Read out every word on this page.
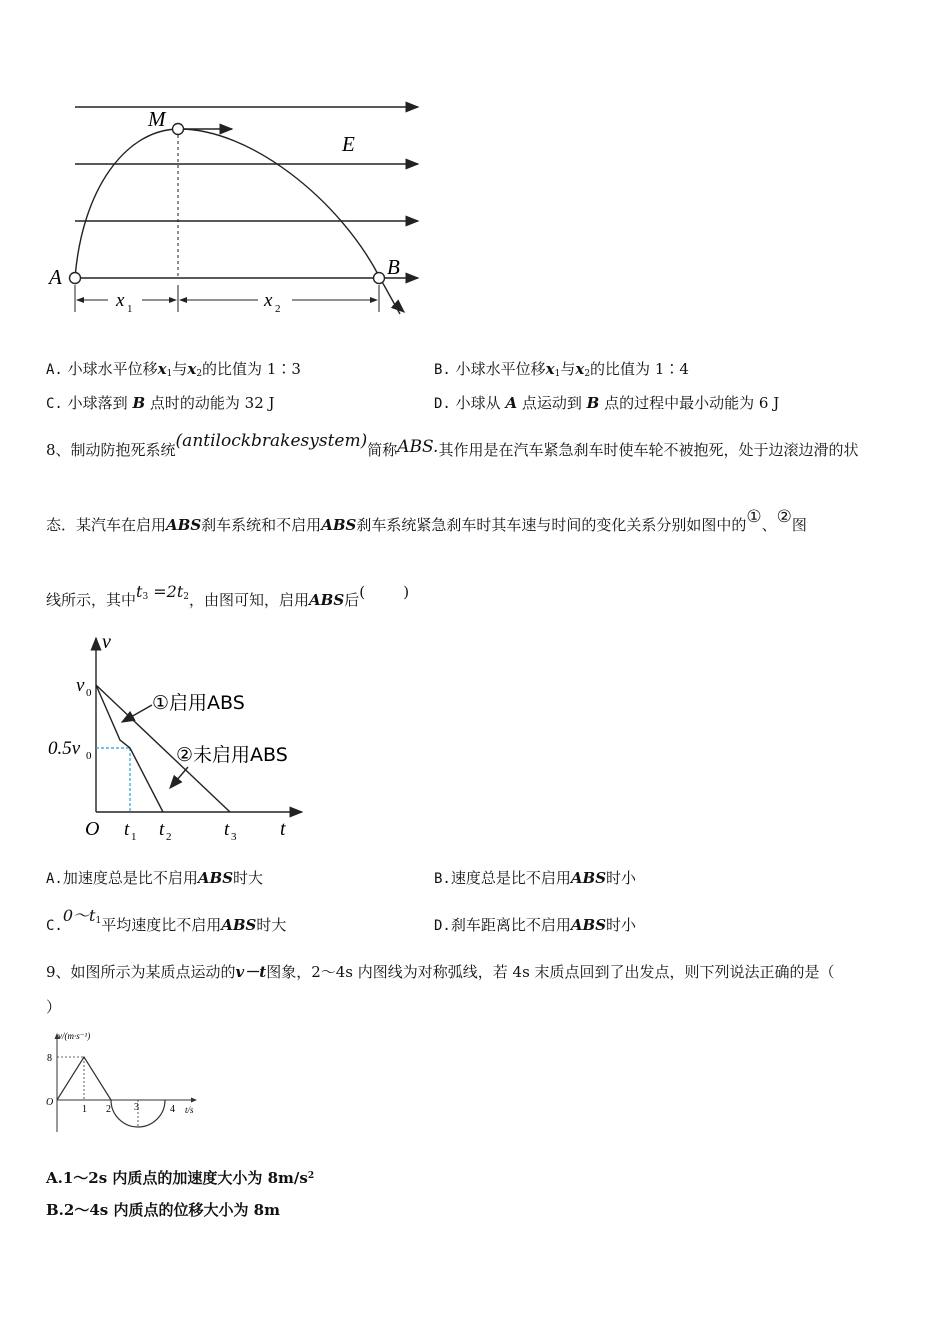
M
E
A	B
x 1	x 2
A. 小球水平位移$x_1$与$x_2$的比值为 1∶3	B. 小球水平位移$x_1$与$x_2$的比值为 1∶4
C. 小球落到 B 点时的动能为 32 J	D. 小球从 A 点运动到 B 点的过程中最小动能为 6 J
8、制动防抱死系统(antilockbrakesystem)简称ABS.其作用是在汽车紧急刹车时使车轮不被抱死，处于边滚边滑的状
态．某汽车在启用ABS刹车系统和不启用ABS刹车系统紧急刹车时其车速与时间的变化关系分别如图中的①、②图
线所示，其中$t_3 =2t_2$，由图可知，启用ABS后(        )
v
t
O
v 0
0.5v 0
t 1 t 2	t 3
①启用ABS
②未启用ABS
A.加速度总是比不启用ABS时大	B.速度总是比不启用ABS时小
$C.0\sim t_1$平均速度比不启用ABS时大	D.刹车距离比不启用ABS时小
9、如图所示为某质点运动的v－t图象，2～4s 内图线为对称弧线，若 4s 末质点回到了出发点，则下列说法正确的是（
）
v/(m·s⁻¹)
t/s
O
8
1 2 3	4
A.1～2s 内质点的加速度大小为 $8m/s^2$
B.2～4s 内质点的位移大小为 8m
